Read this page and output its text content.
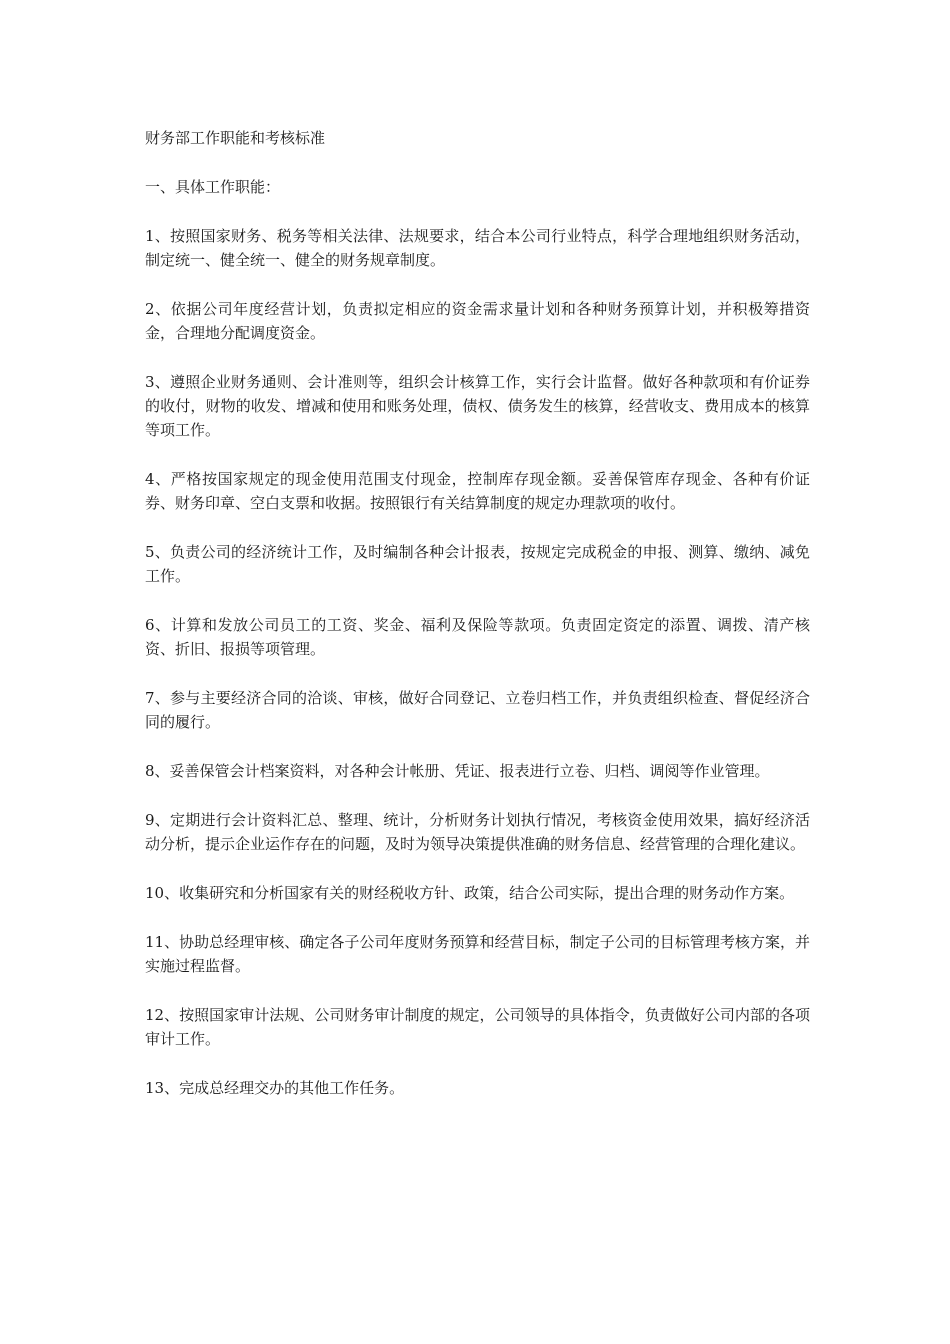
财务部工作职能和考核标准

一、具体工作职能：

1、按照国家财务、税务等相关法律、法规要求，结合本公司行业特点，科学合理地组织财务活动，制定统一、健全统一、健全的财务规章制度。

2、依据公司年度经营计划，负责拟定相应的资金需求量计划和各种财务预算计划，并积极筹措资金，合理地分配调度资金。

3、遵照企业财务通则、会计准则等，组织会计核算工作，实行会计监督。做好各种款项和有价证券的收付，财物的收发、增减和使用和账务处理，债权、债务发生的核算，经营收支、费用成本的核算等项工作。

4、严格按国家规定的现金使用范围支付现金，控制库存现金额。妥善保管库存现金、各种有价证券、财务印章、空白支票和收据。按照银行有关结算制度的规定办理款项的收付。

5、负责公司的经济统计工作，及时编制各种会计报表，按规定完成税金的申报、测算、缴纳、减免工作。

6、计算和发放公司员工的工资、奖金、福利及保险等款项。负责固定资定的添置、调拨、清产核资、折旧、报损等项管理。

7、参与主要经济合同的洽谈、审核，做好合同登记、立卷归档工作，并负责组织检查、督促经济合同的履行。

8、妥善保管会计档案资料，对各种会计帐册、凭证、报表进行立卷、归档、调阅等作业管理。

9、定期进行会计资料汇总、整理、统计，分析财务计划执行情况，考核资金使用效果，搞好经济活动分析，提示企业运作存在的问题，及时为领导决策提供准确的财务信息、经营管理的合理化建议。

10、收集研究和分析国家有关的财经税收方针、政策，结合公司实际，提出合理的财务动作方案。

11、协助总经理审核、确定各子公司年度财务预算和经营目标，制定子公司的目标管理考核方案，并实施过程监督。

12、按照国家审计法规、公司财务审计制度的规定，公司领导的具体指令，负责做好公司内部的各项审计工作。

13、完成总经理交办的其他工作任务。
